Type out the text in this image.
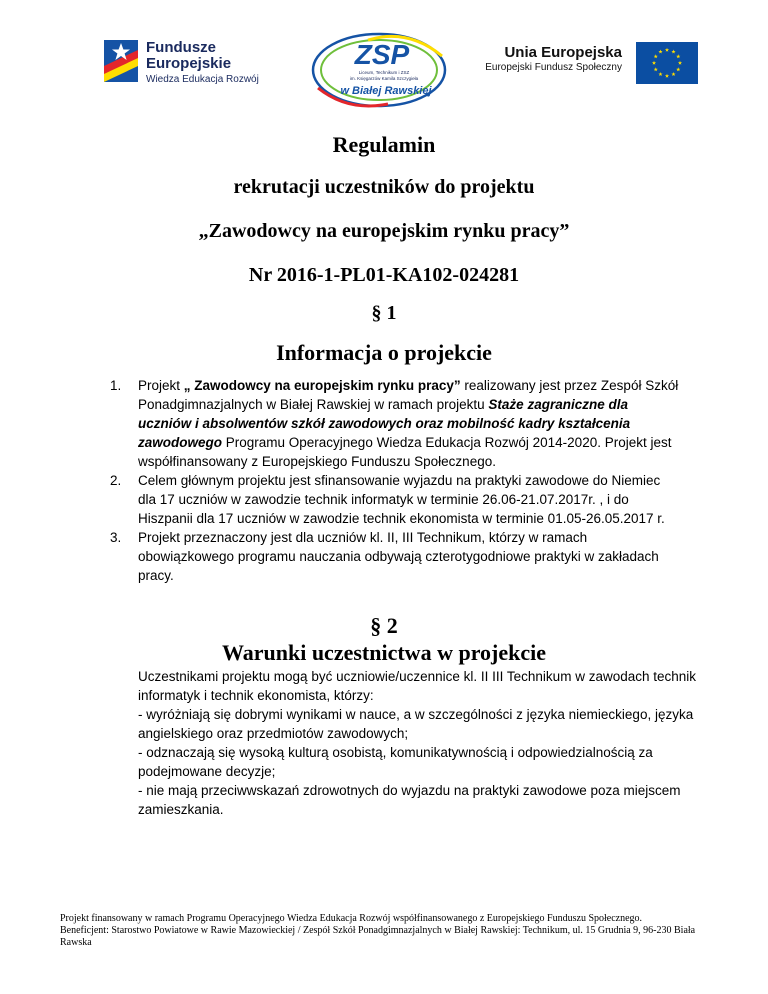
Fundusze
Europejskie
Wiedza Edukacja Rozwój
ZSP
Liceum, Technikum i ZSZ
im. Księgarzów Kamila Szczygieła
w Białej Rawskiej
Unia Europejska
Europejski Fundusz Społeczny
Regulamin
rekrutacji uczestników do projektu
„Zawodowcy na europejskim rynku pracy”
Nr 2016-1-PL01-KA102-024281
§ 1
Informacja o projekcie
1. Projekt „ Zawodowcy na europejskim rynku pracy” realizowany jest przez Zespół Szkół Ponadgimnazjalnych w Białej Rawskiej w ramach projektu Staże zagraniczne dla uczniów i absolwentów szkół zawodowych oraz mobilność kadry kształcenia zawodowego Programu Operacyjnego Wiedza Edukacja Rozwój 2014-2020. Projekt jest współfinansowany z Europejskiego Funduszu Społecznego.
2. Celem głównym projektu jest sfinansowanie wyjazdu na praktyki zawodowe do Niemiec dla 17 uczniów w zawodzie technik informatyk w terminie 26.06-21.07.2017r. , i do Hiszpanii dla 17 uczniów w zawodzie technik ekonomista w terminie 01.05-26.05.2017 r.
3. Projekt przeznaczony jest dla uczniów kl. II, III Technikum, którzy w ramach obowiązkowego programu nauczania odbywają czterotygodniowe praktyki w zakładach pracy.
§ 2
Warunki uczestnictwa w projekcie

Uczestnikami projektu mogą być uczniowie/uczennice kl. II III Technikum w zawodach technik informatyk i technik ekonomista, którzy:

- wyróżniają się dobrymi wynikami w nauce, a w szczególności z języka niemieckiego, języka angielskiego oraz przedmiotów zawodowych;

- odznaczają się wysoką kulturą osobistą, komunikatywnością i odpowiedzialnością za podejmowane decyzje;

- nie mają przeciwwskazań zdrowotnych do wyjazdu na praktyki zawodowe poza miejscem zamieszkania.

Projekt finansowany w ramach Programu Operacyjnego Wiedza Edukacja Rozwój współfinansowanego z Europejskiego Funduszu Społecznego.

Beneficjent: Starostwo Powiatowe w Rawie Mazowieckiej / Zespół Szkół Ponadgimnazjalnych w Białej Rawskiej: Technikum, ul. 15 Grudnia 9, 96-230 Biała Rawska
